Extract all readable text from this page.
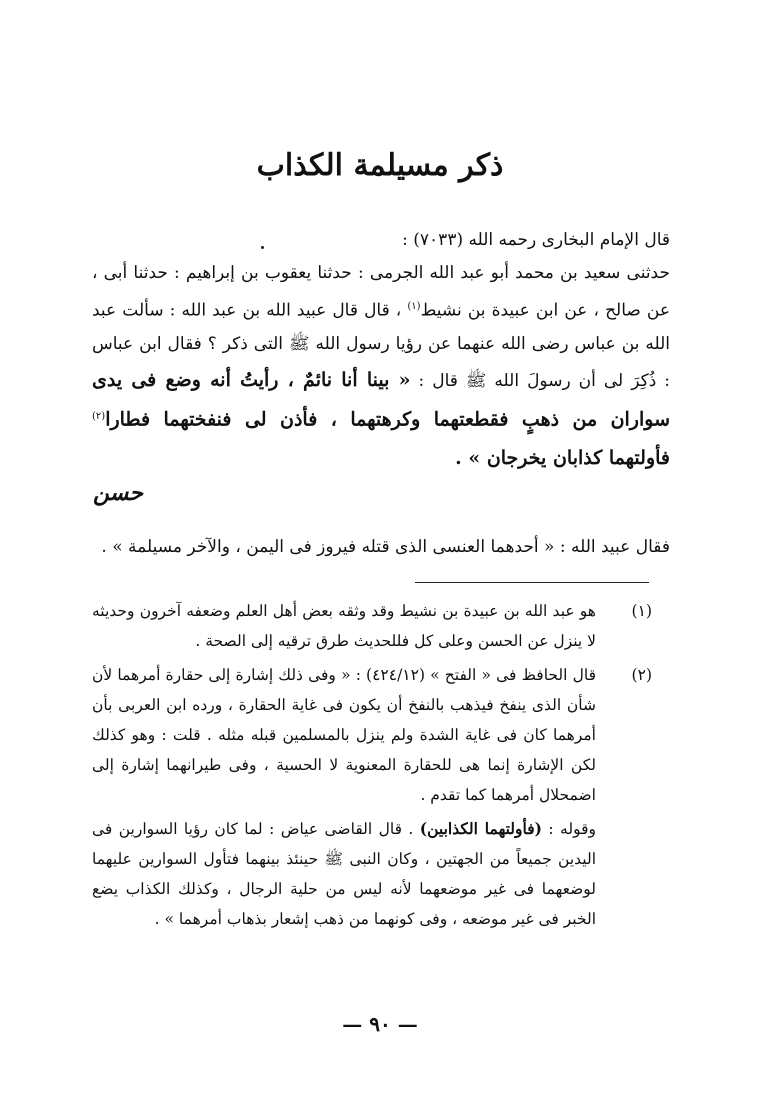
ذكر مسيلمة الكذاب

قال الإمام البخارى رحمه الله (٧٠٣٣) :

حدثنى سعيد بن محمد أبو عبد الله الجرمى : حدثنا يعقوب بن إبراهيم : حدثنا أبى ، عن صالح ، عن ابن عبيدة بن نشيط$^{(١)}$ ، قال قال عبيد الله بن عبد الله : سألت عبد الله بن عباس رضى الله عنهما عن رؤيا رسول الله ﷺ التى ذكر ؟ فقال ابن عباس : ذُكِرَ لى أن رسولَ الله ﷺ قال : « بينا أنا نائمٌ ، رأيتُ أنه وضع فى يدى سواران من ذهبٍ فقطعتهما وكرهتهما ، فأذن لى فنفختهما فطارا$^{(٢)}$ فأولتهما كذابان يخرجان » .

حسن
فقال عبيد الله : « أحدهما العنسى الذى قتله فيروز فى اليمن ، والآخر مسيلمة » .

(١)
هو عبد الله بن عبيدة بن نشيط وقد وثقه بعض أهل العلم وضعفه آخرون وحديثه لا ينزل عن الحسن وعلى كل فللحديث طرق ترقيه إلى الصحة .

(٢)
قال الحافظ فى « الفتح » (٤٢٤/١٢) : « وفى ذلك إشارة إلى حقارة أمرهما لأن شأن الذى ينفخ فيذهب بالنفخ أن يكون فى غاية الحقارة ، ورده ابن العربى بأن أمرهما كان فى غاية الشدة ولم ينزل بالمسلمين قبله مثله . قلت : وهو كذلك لكن الإشارة إنما هى للحقارة المعنوية لا الحسية ، وفى طيرانهما إشارة إلى اضمحلال أمرهما كما تقدم .

وقوله : (فأولتهما الكذابين) . قال القاضى عياض : لما كان رؤيا السوارين فى اليدين جميعاً من الجهتين ، وكان النبى ﷺ حينئذ بينهما فتأول السوارين عليهما لوضعهما فى غير موضعهما لأنه ليس من حلية الرجال ، وكذلك الكذاب يضع الخبر فى غير موضعه ، وفى كونهما من ذهب إشعار بذهاب أمرهما » .

— ٩٠ —
